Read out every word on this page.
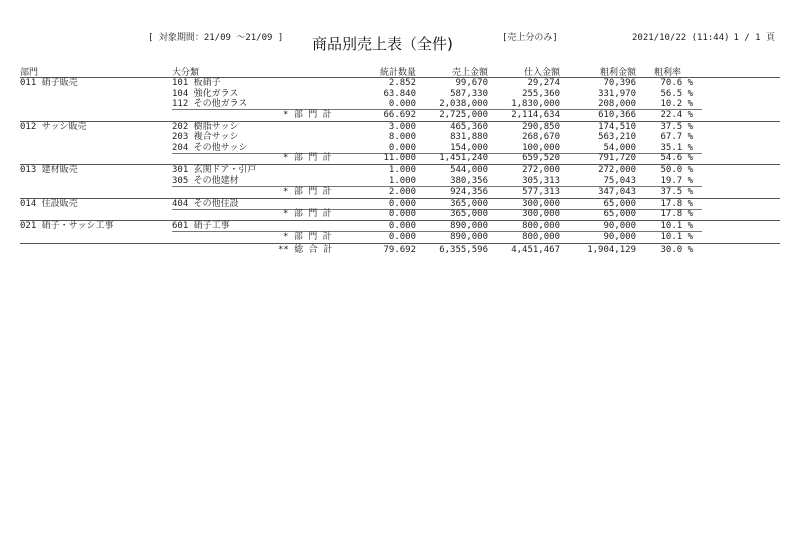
[ 対象期間：21/09 ～21/09 ] 商品別売上表（全件)	[売上分のみ]	2021/10/22 (11:44) 1 / 1 頁
部門	大分類	統計数量	売上金額	仕入金額	粗利金額 粗利率
011 硝子販売	101 板硝子	2.852	99,670	29,274	70,396	70.6 %
104 強化ガラス	63.840	587,330	255,360	331,970	56.5 %
112 その他ガラス	0.000	2,038,000	1,830,000	208,000	10.2 %
* 部 門 計	66.692	2,725,000	2,114,634	610,366	22.4 %
012 サッシ販売	202 樹脂サッシ	3.000	465,360	290,850	174,510	37.5 %
203 複合サッシ	8.000	831,880	268,670	563,210	67.7 %
204 その他サッシ	0.000	154,000	100,000	54,000	35.1 %
* 部 門 計	11.000	1,451,240	659,520	791,720	54.6 %
013 建材販売	301 玄関ドア・引戸	1.000	544,000	272,000	272,000	50.0 %
305 その他建材	1.000	380,356	305,313	75,043	19.7 %
* 部 門 計	2.000	924,356	577,313	347,043	37.5 %
014 住設販売	404 その他住設	0.000	365,000	300,000	65,000	17.8 %
* 部 門 計	0.000	365,000	300,000	65,000	17.8 %
021 硝子・サッシ工事	601 硝子工事	0.000	890,000	800,000	90,000	10.1 %
* 部 門 計	0.000	890,000	800,000	90,000	10.1 %
** 総 合 計	79.692	6,355,596	4,451,467	1,904,129	30.0 %
